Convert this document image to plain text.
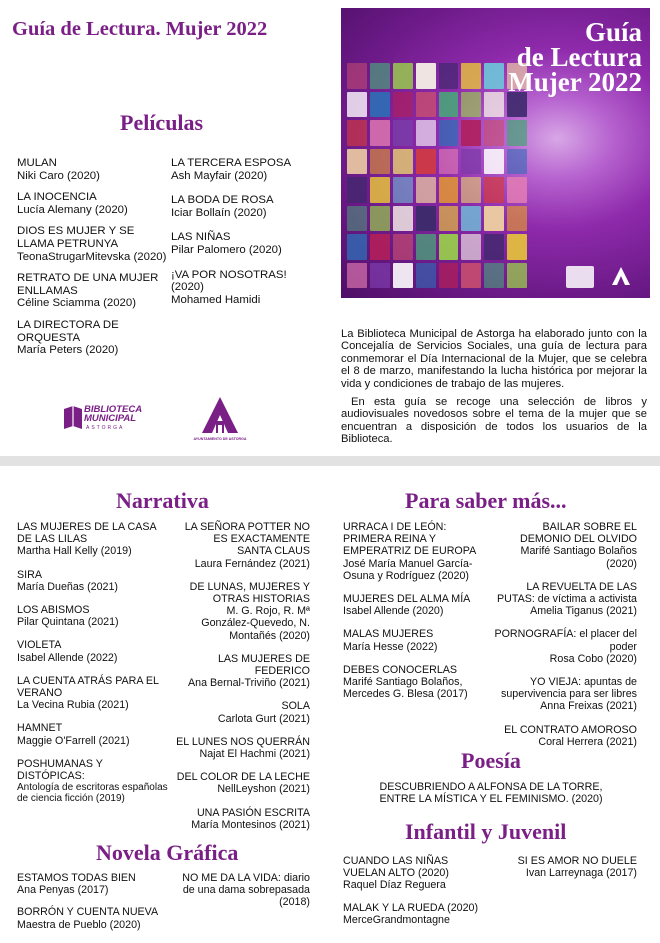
Guía de Lectura. Mujer 2022
Películas
MULAN
Niki Caro (2020)
LA INOCENCIA
Lucía Alemany (2020)
DIOS ES MUJER Y SE LLAMA PETRUNYA
TeonaStrugarMitevska (2020)
RETRATO DE UNA MUJER ENLLAMAS
Céline Sciamma (2020)
LA DIRECTORA DE ORQUESTA
María Peters (2020)
LA TERCERA ESPOSA
Ash Mayfair (2020)
LA BODA DE ROSA
Iciar Bollaín (2020)
LAS NIÑAS
Pilar Palomero (2020)
¡VA POR NOSOTRAS! (2020)
Mohamed Hamidi
BIBLIOTECA MUNICIPAL
ASTORGA
AYUNTAMIENTO DE ASTORGA
Guía
de Lectura
Mujer 2022
La Biblioteca Municipal de Astorga ha elaborado junto con la Concejalía de Servicios Sociales, una guía de lectura para conmemorar el Día Internacional de la Mujer, que se celebra el 8 de marzo, manifestando la lucha histórica por mejorar la vida y condiciones de trabajo de las mujeres.
En esta guía se recoge una selección de libros y audiovisuales novedosos sobre el tema de la mujer que se encuentran a disposición de todos los usuarios de la Biblioteca.
Narrativa
LAS MUJERES DE LA CASA DE LAS LILAS
Martha Hall Kelly (2019)
SIRA
María Dueñas (2021)
LOS ABISMOS
Pilar Quintana (2021)
VIOLETA
Isabel Allende (2022)
LA CUENTA ATRÁS PARA EL VERANO
La Vecina Rubia (2021)
HAMNET
Maggie O'Farrell (2021)
POSHUMANAS Y DISTÓPICAS:
Antología de escritoras españolas de ciencia ficción (2019)
LA SEÑORA POTTER NO ES EXACTAMENTE SANTA CLAUS
Laura Fernández (2021)
DE LUNAS, MUJERES Y OTRAS HISTORIAS
M. G. Rojo, R. Mª González-Quevedo, N. Montañés (2020)
LAS MUJERES DE FEDERICO
Ana Bernal-Triviño (2021)
SOLA
Carlota Gurt (2021)
EL LUNES NOS QUERRÁN
Najat El Hachmi (2021)
DEL COLOR DE LA LECHE
NellLeyshon (2021)
UNA PASIÓN ESCRITA
María Montesinos (2021)
Novela Gráfica
ESTAMOS TODAS BIEN
Ana Penyas (2017)
BORRÓN Y CUENTA NUEVA
Maestra de Pueblo (2020)
NO ME DA LA VIDA: diario de una dama sobrepasada (2018)
Para saber más...
URRACA I DE LEÓN: PRIMERA REINA Y EMPERATRIZ DE EUROPA
José María Manuel García-Osuna y Rodríguez (2020)
MUJERES DEL ALMA MÍA
Isabel Allende (2020)
MALAS MUJERES
María Hesse (2022)
DEBES CONOCERLAS
Marifé Santiago Bolaños, Mercedes G. Blesa (2017)
BAILAR SOBRE EL DEMONIO DEL OLVIDO
Marifé Santiago Bolaños (2020)
LA REVUELTA DE LAS PUTAS: de víctima a activista
Amelia Tiganus (2021)
PORNOGRAFÍA: el placer del poder
Rosa Cobo (2020)
YO VIEJA: apuntas de supervivencia para ser libres
Anna Freixas (2021)
EL CONTRATO AMOROSO
Coral Herrera (2021)
Poesía
DESCUBRIENDO A ALFONSA DE LA TORRE,
ENTRE LA MÍSTICA Y EL FEMINISMO. (2020)
Infantil y Juvenil
CUANDO LAS NIÑAS VUELAN ALTO (2020)
Raquel Díaz Reguera
MALAK Y LA RUEDA (2020)
MerceGrandmontagne
SI ES AMOR NO DUELE
Ivan Larreynaga (2017)
